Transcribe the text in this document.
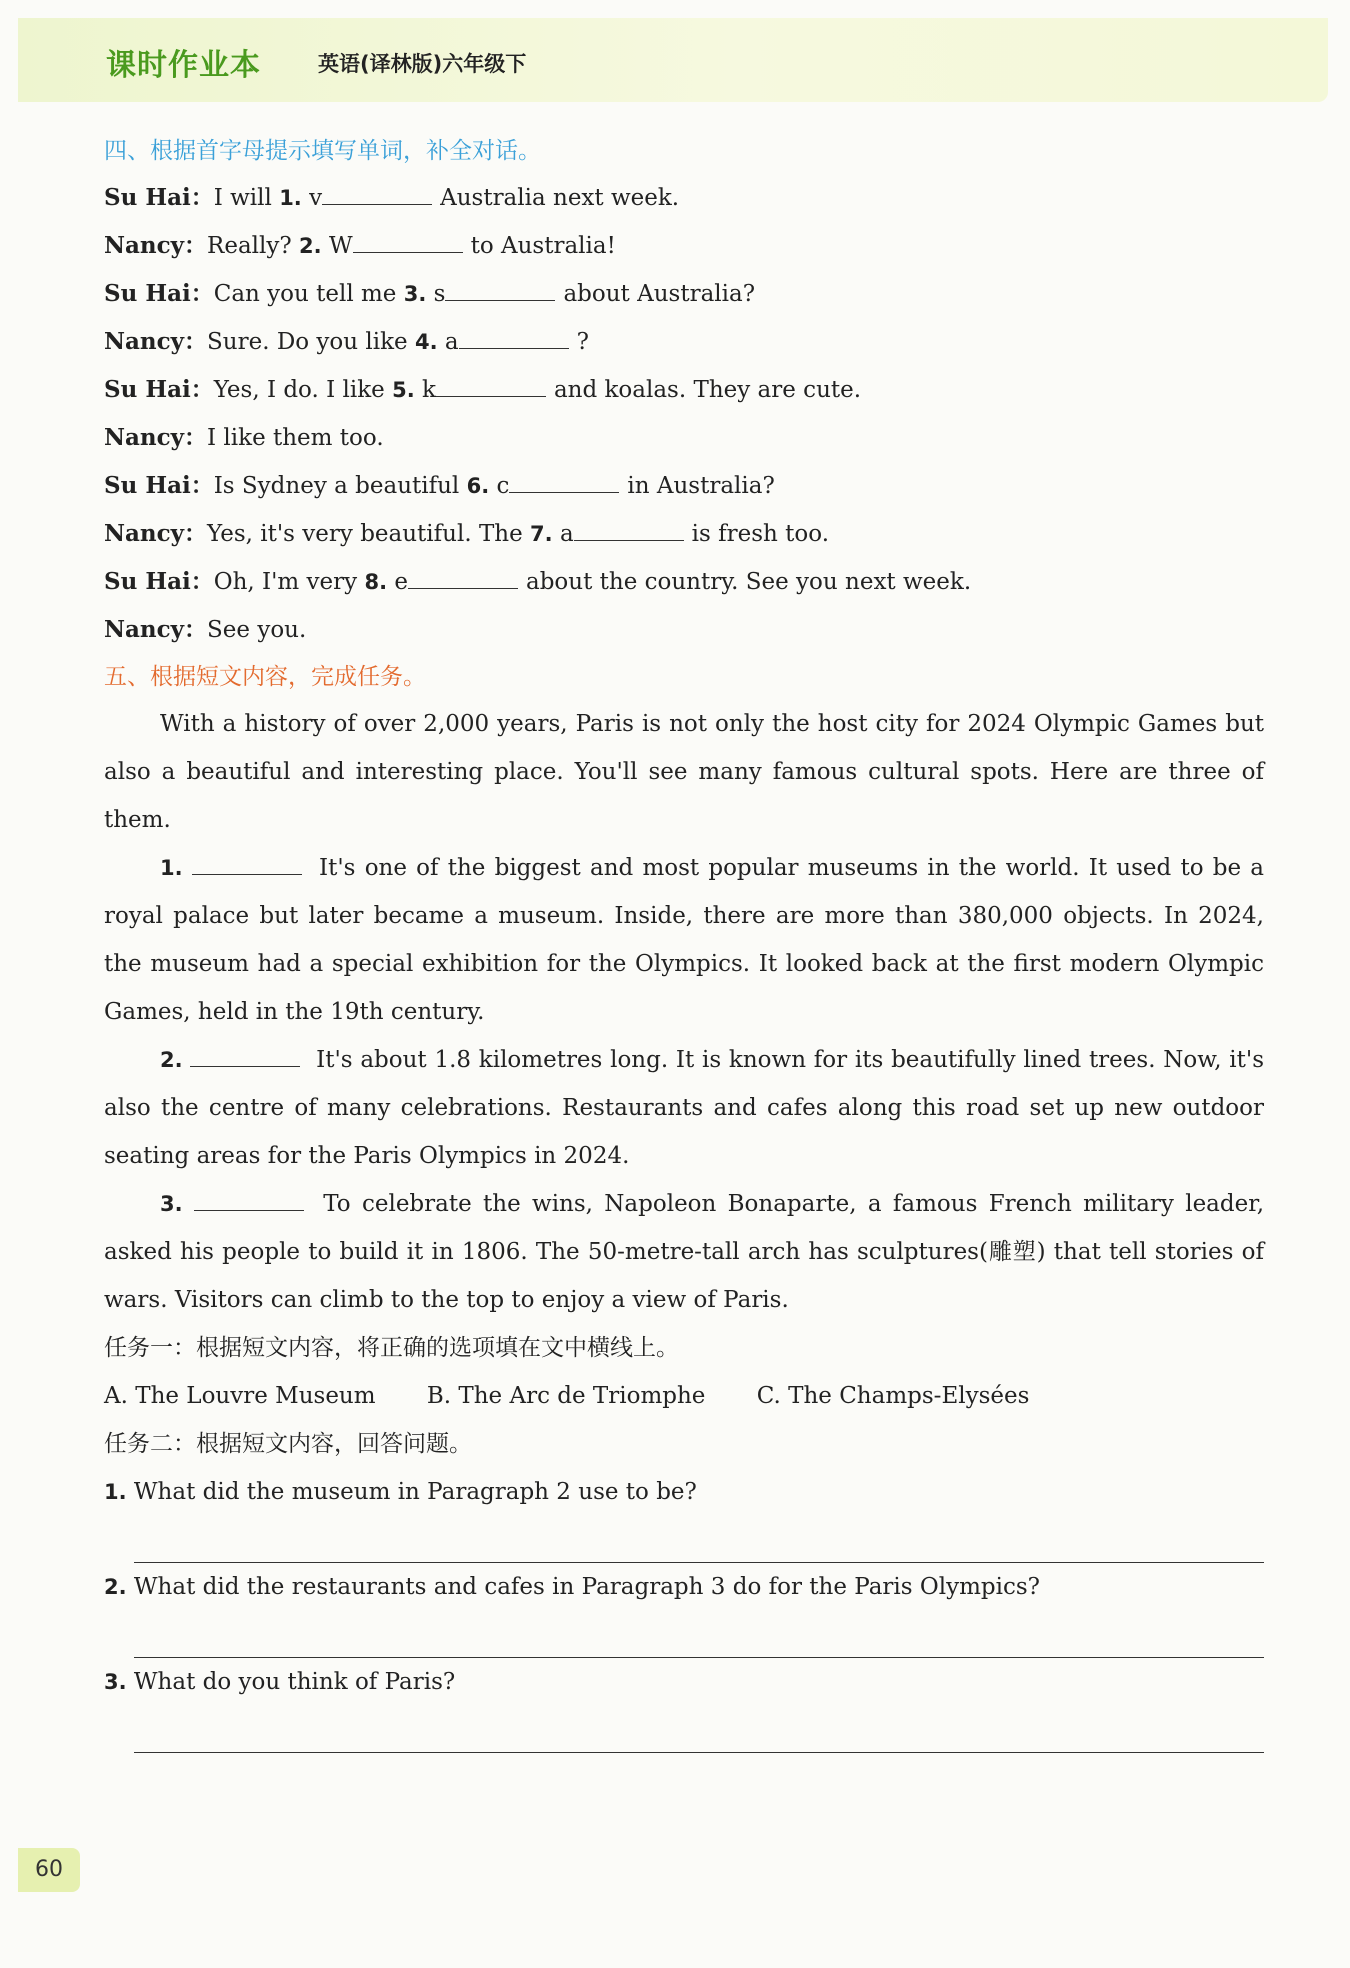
课时作业本	英语(译林版)六年级下
四、根据首字母提示填写单词，补全对话。
Su Hai：I will 1. v	Australia next week.
Nancy：Really? 2. W	to Australia!
Su Hai：Can you tell me 3. s	about Australia?
Nancy：Sure. Do you like 4. a	?
Su Hai：Yes, I do. I like 5. k	and koalas. They are cute.
Nancy：I like them too.
Su Hai：Is Sydney a beautiful 6. c	in Australia?
Nancy：Yes, it's very beautiful. The 7. a	is fresh too.
Su Hai：Oh, I'm very 8. e	about the country. See you next week.
Nancy：See you.
五、根据短文内容，完成任务。

With a history of over 2,000 years, Paris is not only the host city for 2024 Olympic Games but also a beautiful and interesting place. You'll see many famous cultural spots. Here are three of them.

1.	It's one of the biggest and most popular museums in the world. It used to be a royal palace but later became a museum. Inside, there are more than 380,000 objects. In 2024, the museum had a special exhibition for the Olympics. It looked back at the first modern Olympic Games, held in the 19th century.

2.	It's about 1.8 kilometres long. It is known for its beautifully lined trees. Now, it's also the centre of many celebrations. Restaurants and cafes along this road set up new outdoor seating areas for the Paris Olympics in 2024.

3.	To celebrate the wins, Napoleon Bonaparte, a famous French military leader, asked his people to build it in 1806. The 50-metre-tall arch has sculptures(雕塑) that tell stories of wars. Visitors can climb to the top to enjoy a view of Paris.

任务一：根据短文内容，将正确的选项填在文中横线上。
A. The Louvre Museum B. The Arc de Triomphe C. The Champs-Elysées
任务二：根据短文内容，回答问题。
1. What did the museum in Paragraph 2 use to be?
2. What did the restaurants and cafes in Paragraph 3 do for the Paris Olympics?
3. What do you think of Paris?
60
